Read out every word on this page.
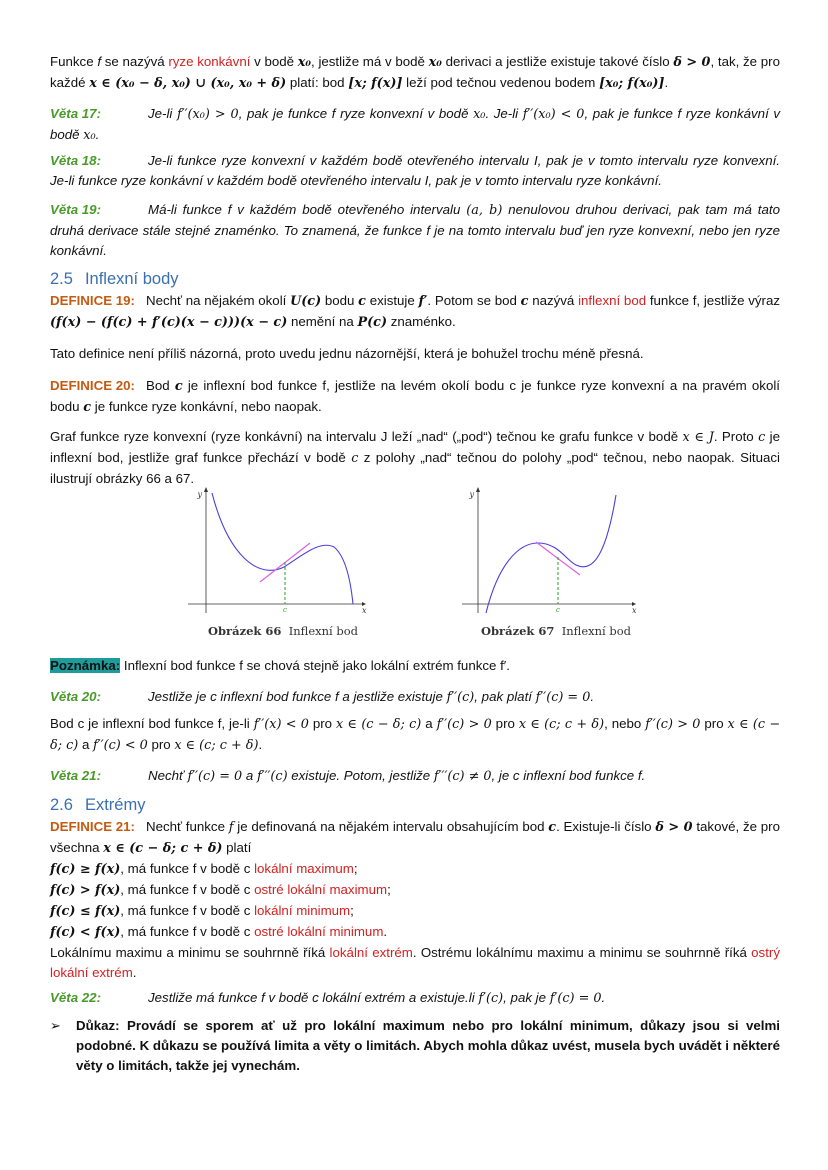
Funkce f se nazývá ryze konkávní v bodě x₀, jestliže má v bodě x₀ derivaci a jestliže existuje takové číslo δ > 0, tak, že pro každé x ∈ (x₀ − δ, x₀) ∪ (x₀, x₀ + δ) platí: bod [x; f(x)] leží pod tečnou vedenou bodem [x₀; f(x₀)].
Věta 17:	Je-li f′′(x₀) > 0, pak je funkce f ryze konvexní v bodě x₀. Je-li f′′(x₀) < 0, pak je funkce f ryze konkávní v bodě x₀.
Věta 18:	Je-li funkce ryze konvexní v každém bodě otevřeného intervalu I, pak je v tomto intervalu ryze konvexní. Je-li funkce ryze konkávní v každém bodě otevřeného intervalu I, pak je v tomto intervalu ryze konkávní.
Věta 19:	Má-li funkce f v každém bodě otevřeného intervalu (a, b) nenulovou druhou derivaci, pak tam má tato druhá derivace stále stejné znaménko. To znamená, že funkce f je na tomto intervalu buď jen ryze konvexní, nebo jen ryze konkávní.
2.5 Inflexní body
DEFINICE 19: Nechť na nějakém okolí U(c) bodu c existuje f′. Potom se bod c nazývá inflexní bod funkce f, jestliže výraz (f(x) − (f(c) + f′(c)(x − c)))(x − c) nemění na P(c) znaménko.
Tato definice není příliš názorná, proto uvedu jednu názornější, která je bohužel trochu méně přesná.
DEFINICE 20: Bod c je inflexní bod funkce f, jestliže na levém okolí bodu c je funkce ryze konvexní a na pravém okolí bodu c je funkce ryze konkávní, nebo naopak.
Graf funkce ryze konvexní (ryze konkávní) na intervalu J leží „nad“ („pod“) tečnou ke grafu funkce v bodě x ∈ J. Proto c je inflexní bod, jestliže graf funkce přechází v bodě c z polohy „nad“ tečnou do polohy „pod“ tečnou, nebo naopak. Situaci ilustrují obrázky 66 a 67.
y
x
c
Obrázek 66 Inflexní bod
y
x
c
Obrázek 67 Inflexní bod
Poznámka: Inflexní bod funkce f se chová stejně jako lokální extrém funkce f′.
Věta 20:	Jestliže je c inflexní bod funkce f a jestliže existuje f′′(c), pak platí f′′(c) = 0.
Bod c je inflexní bod funkce f, je-li f′′(x) < 0 pro x ∈ (c − δ; c) a f′′(c) > 0 pro x ∈ (c; c + δ), nebo f′′(c) > 0 pro x ∈ (c − δ; c) a f′′(c) < 0 pro x ∈ (c; c + δ).
Věta 21:	Nechť f′′(c) = 0 a f′′′(c) existuje. Potom, jestliže f′′′(c) ≠ 0, je c inflexní bod funkce f.
2.6 Extrémy
DEFINICE 21: Nechť funkce f je definovaná na nějakém intervalu obsahujícím bod c. Existuje-li číslo δ > 0 takové, že pro všechna x ∈ (c − δ; c + δ) platí
f(c) ≥ f(x), má funkce f v bodě c lokální maximum;
f(c) > f(x), má funkce f v bodě c ostré lokální maximum;
f(c) ≤ f(x), má funkce f v bodě c lokální minimum;
f(c) < f(x), má funkce f v bodě c ostré lokální minimum.
Lokálnímu maximu a minimu se souhrnně říká lokální extrém. Ostrému lokálnímu maximu a minimu se souhrnně říká ostrý lokální extrém.
Věta 22:	Jestliže má funkce f v bodě c lokální extrém a existuje.li f′(c), pak je f′(c) = 0.
➢ Důkaz: Provádí se sporem ať už pro lokální maximum nebo pro lokální minimum, důkazy jsou si velmi podobné. K důkazu se používá limita a věty o limitách. Abych mohla důkaz uvést, musela bych uvádět i některé věty o limitách, takže jej vynechám.
